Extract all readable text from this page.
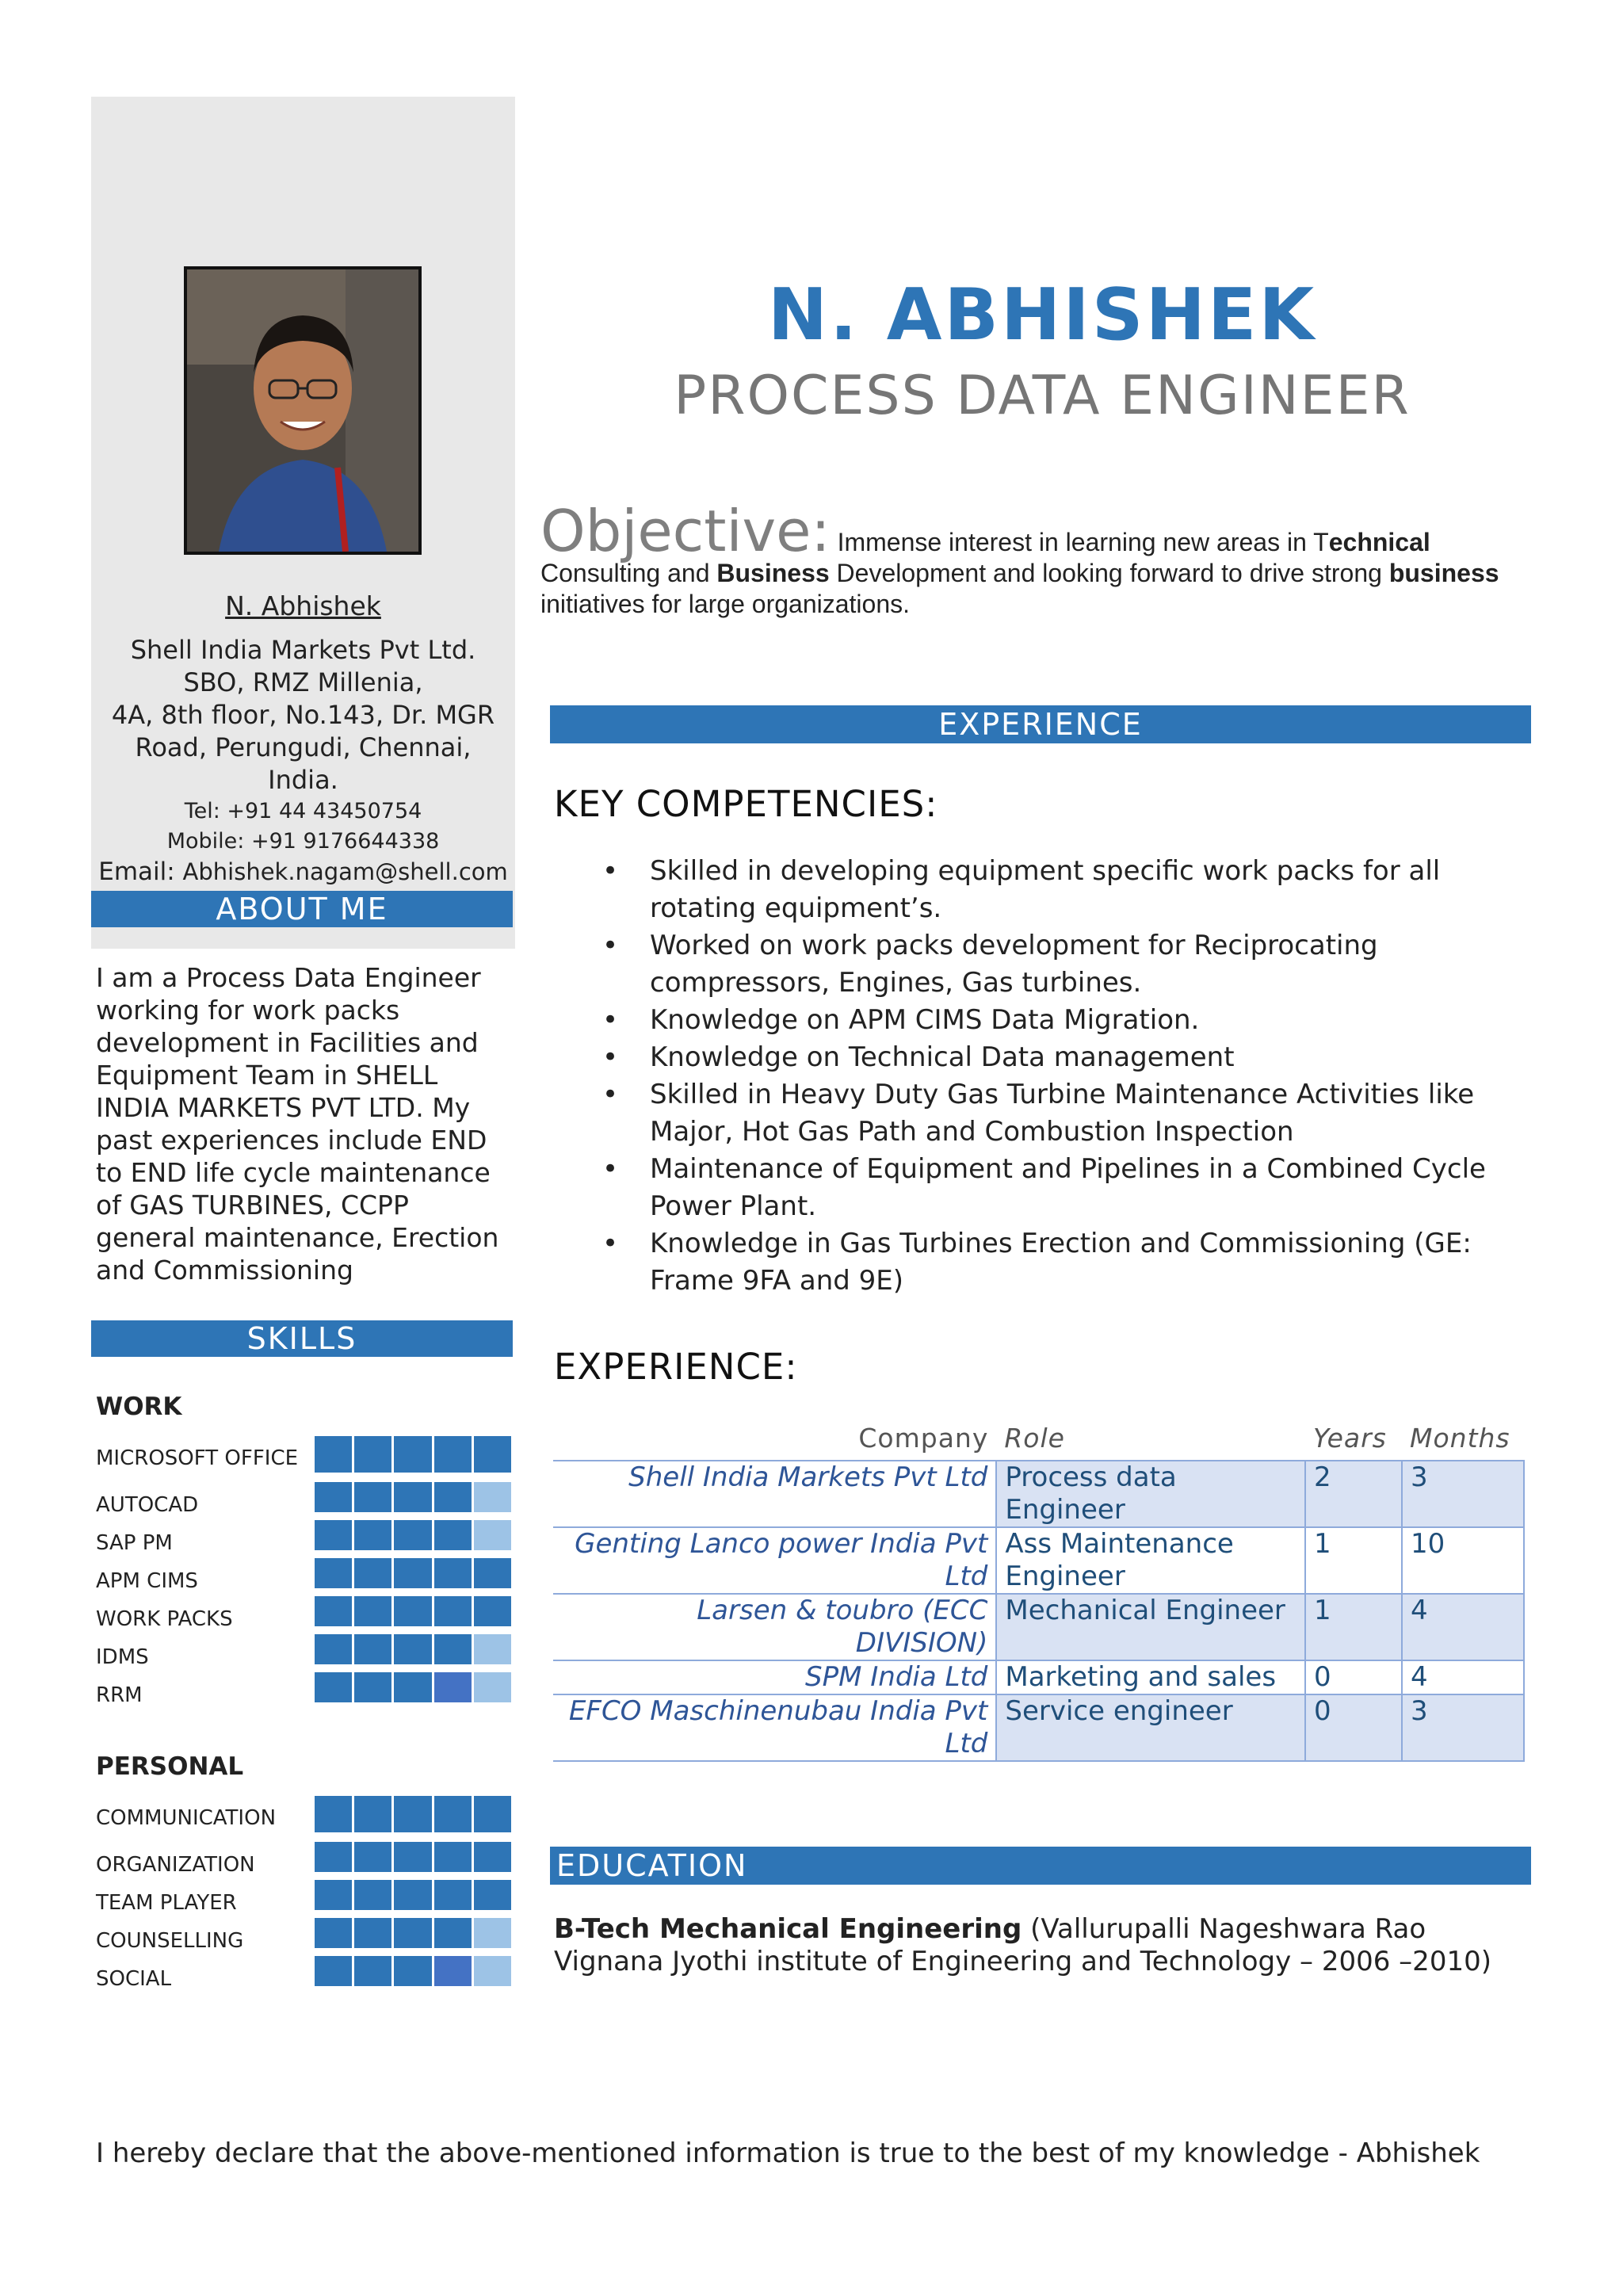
N. Abhishek
Shell India Markets Pvt Ltd.
SBO, RMZ Millenia,
4A, 8th floor, No.143, Dr. MGR
Road, Perungudi, Chennai,
India.
Tel: +91 44 43450754
Mobile: +91 9176644338
Email: Abhishek.nagam@shell.com
ABOUT ME
I am a Process Data Engineer working for work packs development in Facilities and Equipment Team in SHELL INDIA MARKETS PVT LTD. My past experiences include END to END life cycle maintenance of GAS TURBINES, CCPP general maintenance, Erection and Commissioning
SKILLS
WORK
MICROSOFT OFFICE
AUTOCAD
SAP PM
APM CIMS
WORK PACKS
IDMS
RRM
PERSONAL
COMMUNICATION
ORGANIZATION
TEAM PLAYER
COUNSELLING
SOCIAL
N. ABHISHEK
PROCESS DATA ENGINEER
Objective: Immense interest in learning new areas in Technical Consulting and Business Development and looking forward to drive strong business initiatives for large organizations.
EXPERIENCE
KEY COMPETENCIES:
• Skilled in developing equipment specific work packs for all rotating equipment’s.
• Worked on work packs development for Reciprocating compressors, Engines, Gas turbines.
• Knowledge on APM CIMS Data Migration.
• Knowledge on Technical Data management
• Skilled in Heavy Duty Gas Turbine Maintenance Activities like Major, Hot Gas Path and Combustion Inspection
• Maintenance of Equipment and Pipelines in a Combined Cycle Power Plant.
• Knowledge in Gas Turbines Erection and Commissioning (GE: Frame 9FA and 9E)
EXPERIENCE:
Company	Role	Years	Months
Shell India Markets Pvt Ltd	Process data Engineer	2	3
Genting Lanco power India Pvt Ltd	Ass Maintenance Engineer	1	10
Larsen & toubro (ECC DIVISION)	Mechanical Engineer	1	4
SPM India Ltd	Marketing and sales	0	4
EFCO Maschinenubau India Pvt Ltd	Service engineer	0	3
EDUCATION
B-Tech Mechanical Engineering (Vallurupalli Nageshwara Rao Vignana Jyothi institute of Engineering and Technology – 2006 –2010)
I hereby declare that the above-mentioned information is true to the best of my knowledge - Abhishek
